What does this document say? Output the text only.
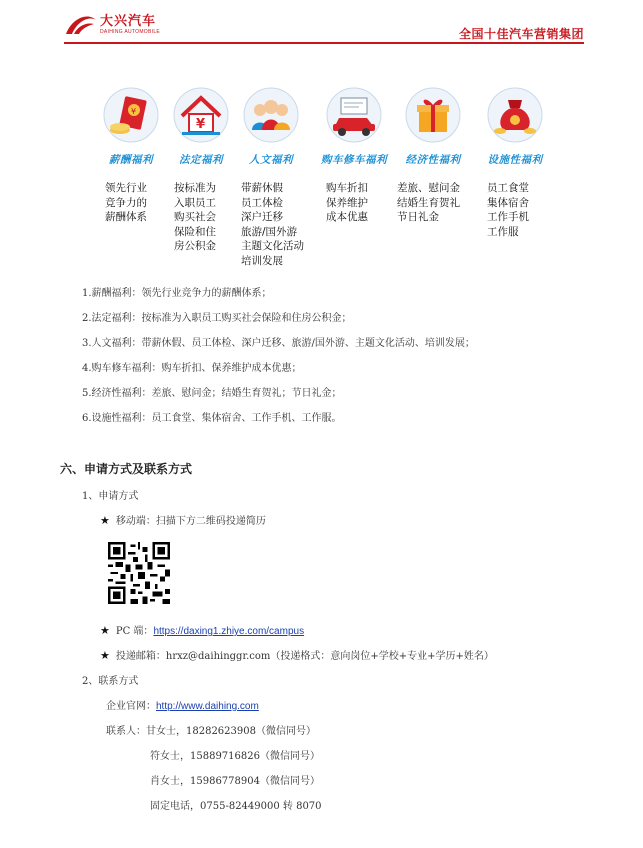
大兴汽车
DAIHING AUTOMOBILE	全国十佳汽车营销集团
¥
薪酬福利
领先行业
竞争力的
薪酬体系
¥
法定福利
按标准为
入职员工
购买社会
保险和住
房公积金
人文福利
带薪休假
员工体检
深户迁移
旅游/国外游
主题文化活动
培训发展
购车修车福利
购车折扣
保养维护
成本优惠
经济性福利
差旅、慰问金
结婚生育贺礼
节日礼金
设施性福利
员工食堂
集体宿舍
工作手机
工作服
1.薪酬福利：领先行业竞争力的薪酬体系；
2.法定福利：按标准为入职员工购买社会保险和住房公积金；
3.人文福利：带薪休假、员工体检、深户迁移、旅游/国外游、主题文化活动、培训发展；
4.购车修车福利：购车折扣、保养维护成本优惠；
5.经济性福利：差旅、慰问金；结婚生育贺礼；节日礼金；
6.设施性福利：员工食堂、集体宿舍、工作手机、工作服。
六、申请方式及联系方式
1、申请方式
★ 移动端：扫描下方二维码投递简历
★ PC 端：https://daxing1.zhiye.com/campus
★ 投递邮箱：hrxz@daihinggr.com（投递格式：意向岗位+学校+专业+学历+姓名）
2、联系方式
企业官网：http://www.daihing.com
联系人：甘女士，18282623908（微信同号）
符女士，15889716826（微信同号）
肖女士，15986778904（微信同号）
固定电话，0755-82449000 转 8070
